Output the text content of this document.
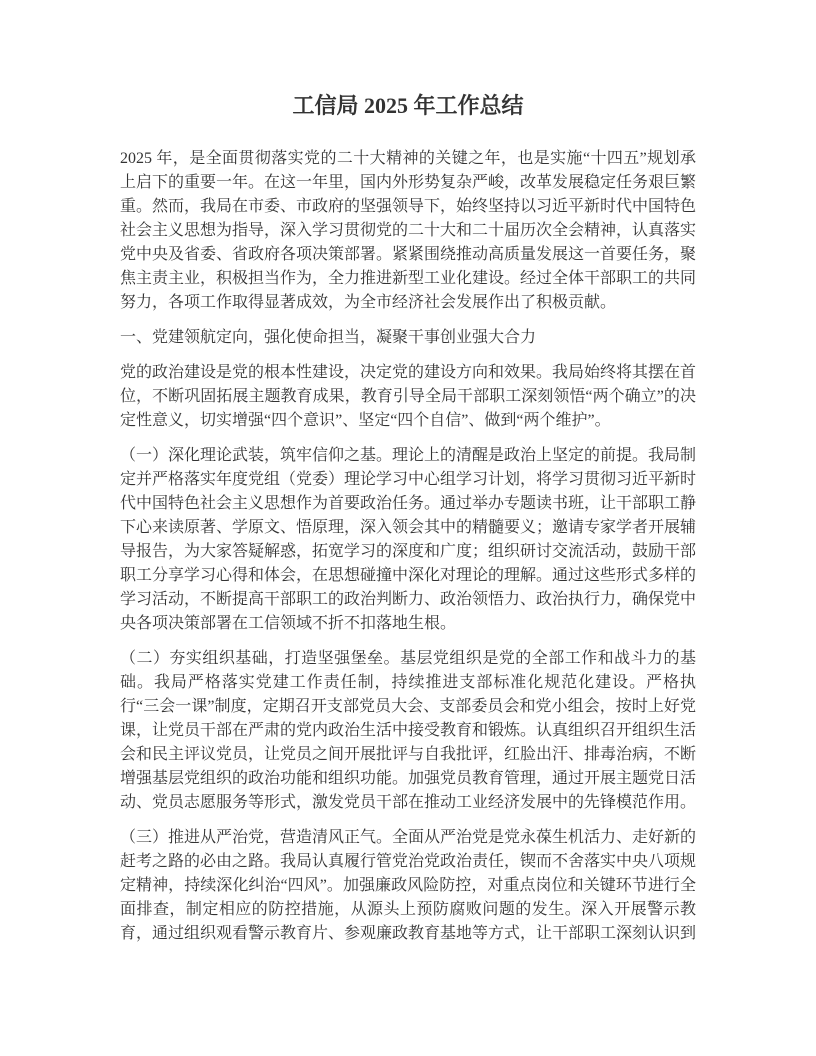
工信局 2025 年工作总结

2025 年，是全面贯彻落实党的二十大精神的关键之年，也是实施“十四五”规划承上启下的重要一年。在这一年里，国内外形势复杂严峻，改革发展稳定任务艰巨繁重。然而，我局在市委、市政府的坚强领导下，始终坚持以习近平新时代中国特色社会主义思想为指导，深入学习贯彻党的二十大和二十届历次全会精神，认真落实党中央及省委、省政府各项决策部署。紧紧围绕推动高质量发展这一首要任务，聚焦主责主业，积极担当作为，全力推进新型工业化建设。经过全体干部职工的共同努力，各项工作取得显著成效，为全市经济社会发展作出了积极贡献。

一、党建领航定向，强化使命担当，凝聚干事创业强大合力

党的政治建设是党的根本性建设，决定党的建设方向和效果。我局始终将其摆在首位，不断巩固拓展主题教育成果，教育引导全局干部职工深刻领悟“两个确立”的决定性意义，切实增强“四个意识”、坚定“四个自信”、做到“两个维护”。

（一）深化理论武装，筑牢信仰之基。理论上的清醒是政治上坚定的前提。我局制定并严格落实年度党组（党委）理论学习中心组学习计划，将学习贯彻习近平新时代中国特色社会主义思想作为首要政治任务。通过举办专题读书班，让干部职工静下心来读原著、学原文、悟原理，深入领会其中的精髓要义；邀请专家学者开展辅导报告，为大家答疑解惑，拓宽学习的深度和广度；组织研讨交流活动，鼓励干部职工分享学习心得和体会，在思想碰撞中深化对理论的理解。通过这些形式多样的学习活动，不断提高干部职工的政治判断力、政治领悟力、政治执行力，确保党中央各项决策部署在工信领域不折不扣落地生根。

（二）夯实组织基础，打造坚强堡垒。基层党组织是党的全部工作和战斗力的基础。我局严格落实党建工作责任制，持续推进支部标准化规范化建设。严格执行“三会一课”制度，定期召开支部党员大会、支部委员会和党小组会，按时上好党课，让党员干部在严肃的党内政治生活中接受教育和锻炼。认真组织召开组织生活会和民主评议党员，让党员之间开展批评与自我批评，红脸出汗、排毒治病，不断增强基层党组织的政治功能和组织功能。加强党员教育管理，通过开展主题党日活动、党员志愿服务等形式，激发党员干部在推动工业经济发展中的先锋模范作用。

（三）推进从严治党，营造清风正气。全面从严治党是党永葆生机活力、走好新的赶考之路的必由之路。我局认真履行管党治党政治责任，锲而不舍落实中央八项规定精神，持续深化纠治“四风”。加强廉政风险防控，对重点岗位和关键环节进行全面排查，制定相应的防控措施，从源头上预防腐败问题的发生。深入开展警示教育，通过组织观看警示教育片、参观廉政教育基地等方式，让干部职工深刻认识到
